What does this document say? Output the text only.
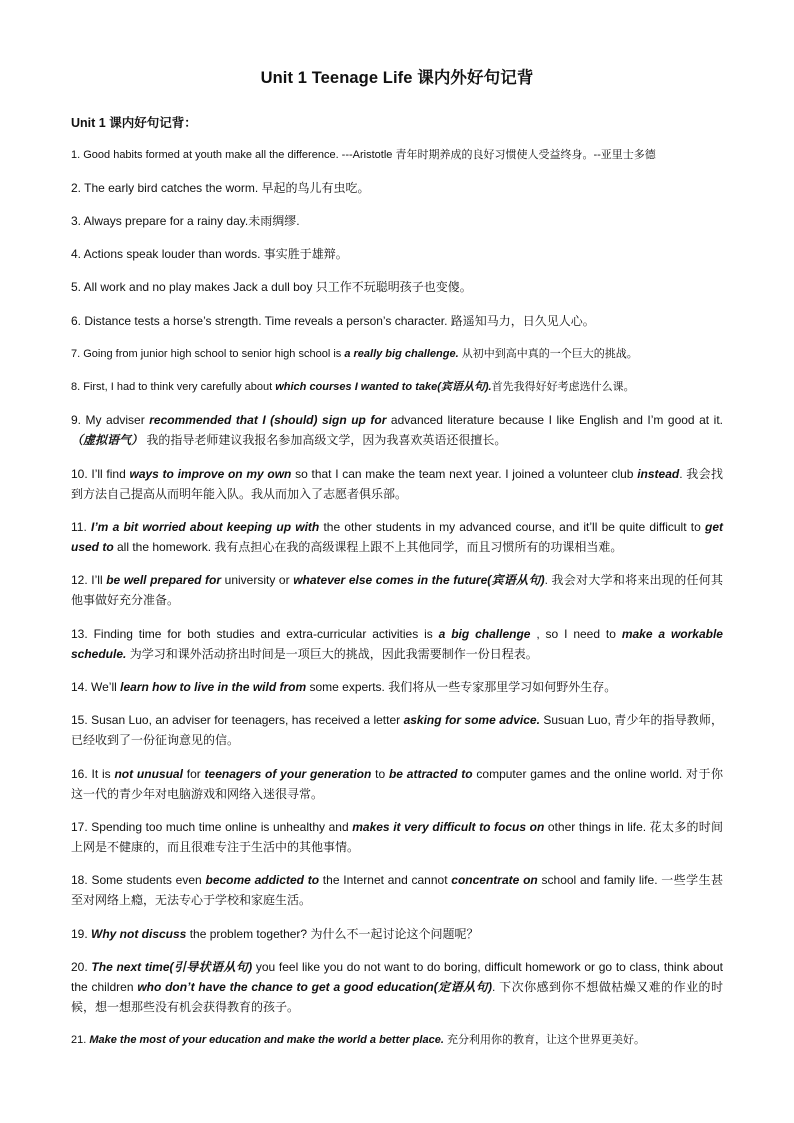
Unit 1 Teenage Life 课内外好句记背
Unit 1 课内好句记背：
1. Good habits formed at youth make all the difference. ---Aristotle 青年时期养成的良好习惯使人受益终身。--亚里士多德
2. The early bird catches the worm. 早起的鸟儿有虫吃。
3. Always prepare for a rainy day.未雨绸缪.
4. Actions speak louder than words. 事实胜于雄辩。
5. All work and no play makes Jack a dull boy 只工作不玩聪明孩子也变傻。
6. Distance tests a horse’s strength. Time reveals a person’s character. 路遥知马力，日久见人心。
7. Going from junior high school to senior high school is a really big challenge. 从初中到高中真的一个巨大的挑战。
8. First, I had to think very carefully about which courses I wanted to take(宾语从句).首先我得好好考虑选什么课。
9. My adviser recommended that I (should) sign up for advanced literature because I like English and I’m good at it. （虚拟语气） 我的指导老师建议我报名参加高级文学，因为我喜欢英语还很擅长。
10. I’ll find ways to improve on my own so that I can make the team next year. I joined a volunteer club instead. 我会找到方法自己提高从而明年能入队。我从而加入了志愿者俱乐部。
11. I’m a bit worried about keeping up with the other students in my advanced course, and it’ll be quite difficult to get used to all the homework. 我有点担心在我的高级课程上跟不上其他同学，而且习惯所有的功课相当难。
12. I’ll be well prepared for university or whatever else comes in the future(宾语从句). 我会对大学和将来出现的任何其他事做好充分准备。
13. Finding time for both studies and extra-curricular activities is a big challenge , so I need to make a workable schedule. 为学习和课外活动挤出时间是一项巨大的挑战，因此我需要制作一份日程表。
14. We’ll learn how to live in the wild from some experts. 我们将从一些专家那里学习如何野外生存。
15. Susan Luo, an adviser for teenagers, has received a letter asking for some advice. Susuan Luo, 青少年的指导教师，已经收到了一份征询意见的信。
16. It is not unusual for teenagers of your generation to be attracted to computer games and the online world. 对于你这一代的青少年对电脑游戏和网络入迷很寻常。
17. Spending too much time online is unhealthy and makes it very difficult to focus on other things in life. 花太多的时间上网是不健康的，而且很难专注于生活中的其他事情。
18. Some students even become addicted to the Internet and cannot concentrate on school and family life. 一些学生甚至对网络上瘾，无法专心于学校和家庭生活。
19. Why not discuss the problem together? 为什么不一起讨论这个问题呢？
20. The next time(引导状语从句) you feel like you do not want to do boring, difficult homework or go to class, think about the children who don’t have the chance to get a good education(定语从句). 下次你感到你不想做枯燥又难的作业的时候，想一想那些没有机会获得教育的孩子。
21. Make the most of your education and make the world a better place. 充分利用你的教育，让这个世界更美好。
